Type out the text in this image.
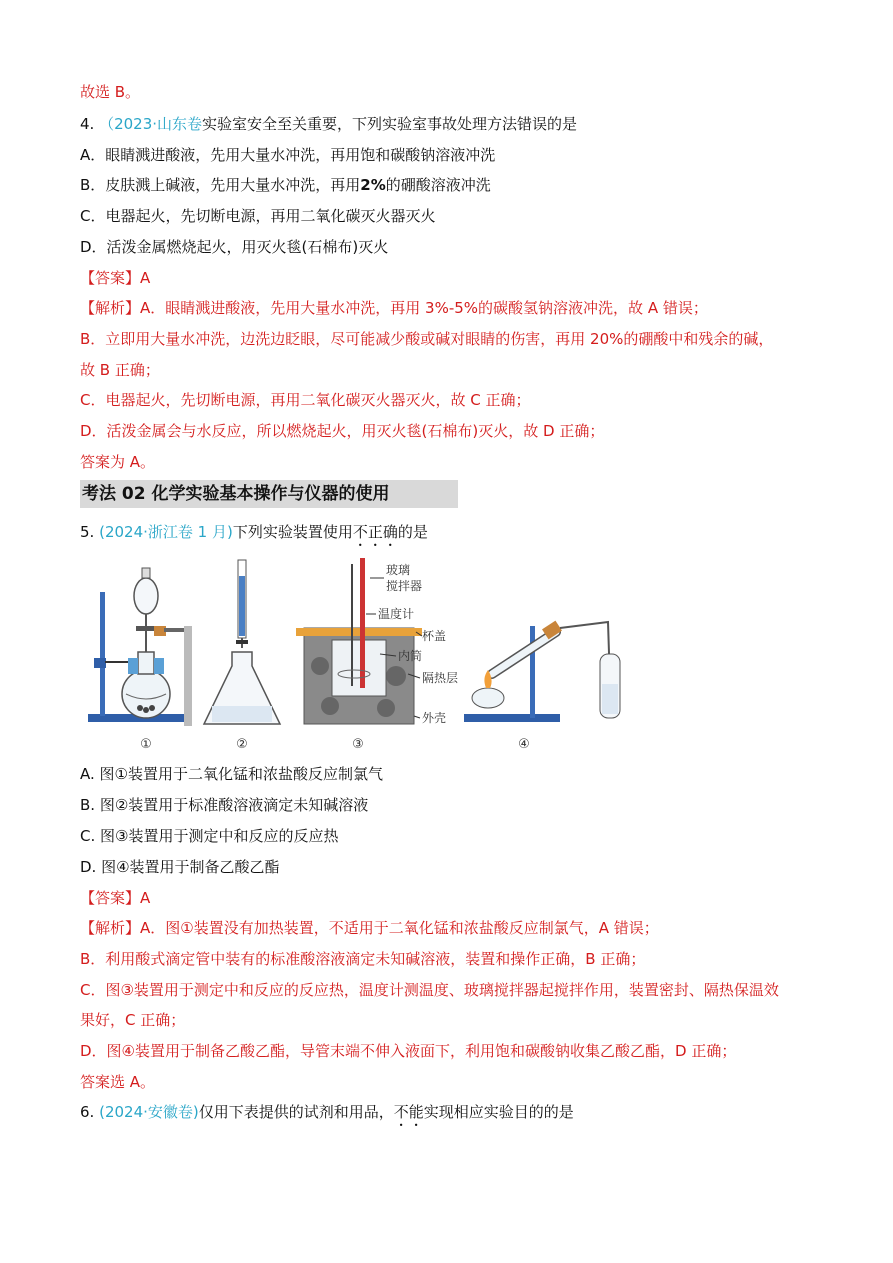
故选 B。
4. （2023·山东卷实验室安全至关重要，下列实验室事故处理方法错误的是
A．眼睛溅进酸液，先用大量水冲洗，再用饱和碳酸钠溶液冲洗
B．皮肤溅上碱液，先用大量水冲洗，再用2%的硼酸溶液冲洗
C．电器起火，先切断电源，再用二氧化碳灭火器灭火
D．活泼金属燃烧起火，用灭火毯(石棉布)灭火
【答案】A
【解析】A．眼睛溅进酸液，先用大量水冲洗，再用 3%-5%的碳酸氢钠溶液冲洗，故 A 错误；
B．立即用大量水冲洗，边洗边眨眼，尽可能减少酸或碱对眼睛的伤害，再用 20%的硼酸中和残余的碱，
故 B 正确；
C．电器起火，先切断电源，再用二氧化碳灭火器灭火，故 C 正确；
D．活泼金属会与水反应，所以燃烧起火，用灭火毯(石棉布)灭火，故 D 正确；
答案为 A。
考法 02 化学实验基本操作与仪器的使用
5. (2024·浙江卷 1 月)下列实验装置使用不正确的是
①	②	③
玻璃
搅拌器
温度计
杯盖
内筒
隔热层
外壳
④
A. 图①装置用于二氧化锰和浓盐酸反应制氯气
B. 图②装置用于标准酸溶液滴定未知碱溶液
C. 图③装置用于测定中和反应的反应热
D. 图④装置用于制备乙酸乙酯
【答案】A
【解析】A．图①装置没有加热装置，不适用于二氧化锰和浓盐酸反应制氯气，A 错误；
B．利用酸式滴定管中装有的标准酸溶液滴定未知碱溶液，装置和操作正确，B 正确；
C．图③装置用于测定中和反应的反应热，温度计测温度、玻璃搅拌器起搅拌作用，装置密封、隔热保温效
果好，C 正确；
D．图④装置用于制备乙酸乙酯，导管末端不伸入液面下，利用饱和碳酸钠收集乙酸乙酯，D 正确；
答案选 A。
6. (2024·安徽卷)仅用下表提供的试剂和用品，不能实现相应实验目的的是
